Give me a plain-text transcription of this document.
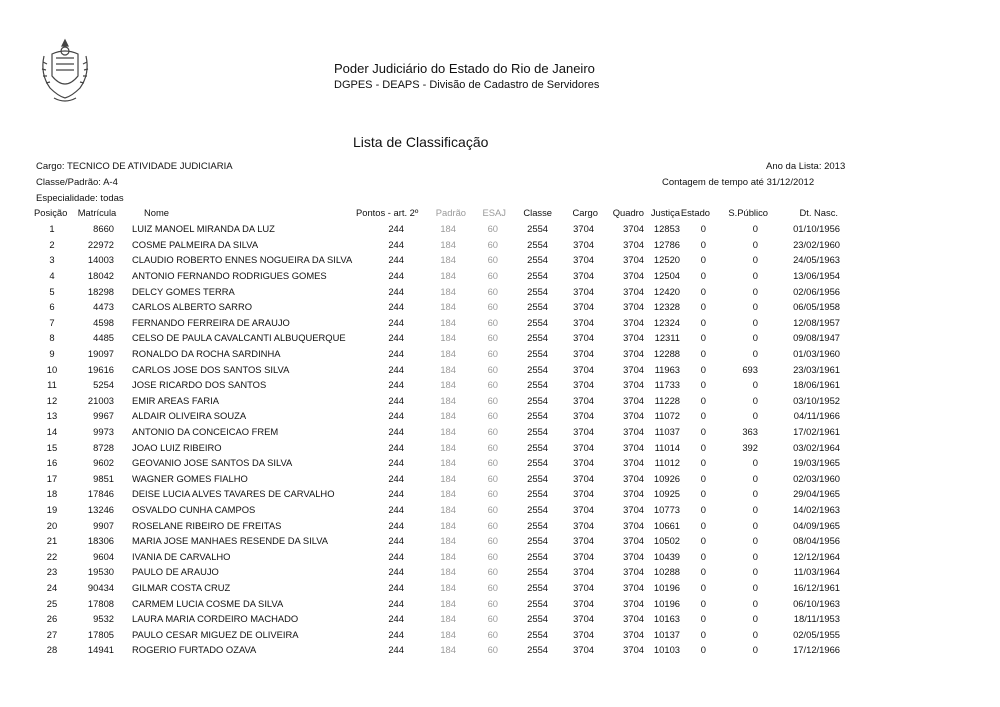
Poder Judiciário do Estado do Rio de Janeiro
DGPES - DEAPS - Divisão de Cadastro de Servidores
Lista de Classificação
Cargo: TECNICO DE ATIVIDADE JUDICIARIA
Classe/Padrão: A-4
Especialidade: todas
Ano da Lista: 2013
Contagem de tempo até 31/12/2012
Posição	Matrícula	Nome	Pontos - art. 2º	Padrão	ESAJ	Classe	Cargo	Quadro	Justiça	Estado	S.Público	Dt. Nasc.
1	8660	LUIZ MANOEL MIRANDA DA LUZ	244	184	60	2554	3704	3704	12853	0	0	01/10/1956
2	22972	COSME PALMEIRA DA SILVA	244	184	60	2554	3704	3704	12786	0	0	23/02/1960
3	14003	CLAUDIO ROBERTO ENNES NOGUEIRA DA SILVA	244	184	60	2554	3704	3704	12520	0	0	24/05/1963
4	18042	ANTONIO FERNANDO RODRIGUES GOMES	244	184	60	2554	3704	3704	12504	0	0	13/06/1954
5	18298	DELCY GOMES TERRA	244	184	60	2554	3704	3704	12420	0	0	02/06/1956
6	4473	CARLOS ALBERTO SARRO	244	184	60	2554	3704	3704	12328	0	0	06/05/1958
7	4598	FERNANDO FERREIRA DE ARAUJO	244	184	60	2554	3704	3704	12324	0	0	12/08/1957
8	4485	CELSO DE PAULA CAVALCANTI ALBUQUERQUE	244	184	60	2554	3704	3704	12311	0	0	09/08/1947
9	19097	RONALDO DA ROCHA SARDINHA	244	184	60	2554	3704	3704	12288	0	0	01/03/1960
10	19616	CARLOS JOSE DOS SANTOS SILVA	244	184	60	2554	3704	3704	11963	0	693	23/03/1961
11	5254	JOSE RICARDO DOS SANTOS	244	184	60	2554	3704	3704	11733	0	0	18/06/1961
12	21003	EMIR AREAS FARIA	244	184	60	2554	3704	3704	11228	0	0	03/10/1952
13	9967	ALDAIR OLIVEIRA SOUZA	244	184	60	2554	3704	3704	11072	0	0	04/11/1966
14	9973	ANTONIO DA CONCEICAO FREM	244	184	60	2554	3704	3704	11037	0	363	17/02/1961
15	8728	JOAO LUIZ RIBEIRO	244	184	60	2554	3704	3704	11014	0	392	03/02/1964
16	9602	GEOVANIO JOSE SANTOS DA SILVA	244	184	60	2554	3704	3704	11012	0	0	19/03/1965
17	9851	WAGNER GOMES FIALHO	244	184	60	2554	3704	3704	10926	0	0	02/03/1960
18	17846	DEISE LUCIA ALVES TAVARES DE CARVALHO	244	184	60	2554	3704	3704	10925	0	0	29/04/1965
19	13246	OSVALDO CUNHA CAMPOS	244	184	60	2554	3704	3704	10773	0	0	14/02/1963
20	9907	ROSELANE RIBEIRO DE FREITAS	244	184	60	2554	3704	3704	10661	0	0	04/09/1965
21	18306	MARIA JOSE MANHAES RESENDE DA SILVA	244	184	60	2554	3704	3704	10502	0	0	08/04/1956
22	9604	IVANIA DE CARVALHO	244	184	60	2554	3704	3704	10439	0	0	12/12/1964
23	19530	PAULO DE ARAUJO	244	184	60	2554	3704	3704	10288	0	0	11/03/1964
24	90434	GILMAR COSTA CRUZ	244	184	60	2554	3704	3704	10196	0	0	16/12/1961
25	17808	CARMEM LUCIA COSME DA SILVA	244	184	60	2554	3704	3704	10196	0	0	06/10/1963
26	9532	LAURA MARIA CORDEIRO MACHADO	244	184	60	2554	3704	3704	10163	0	0	18/11/1953
27	17805	PAULO CESAR MIGUEZ DE OLIVEIRA	244	184	60	2554	3704	3704	10137	0	0	02/05/1955
28	14941	ROGERIO FURTADO OZAVA	244	184	60	2554	3704	3704	10103	0	0	17/12/1966
